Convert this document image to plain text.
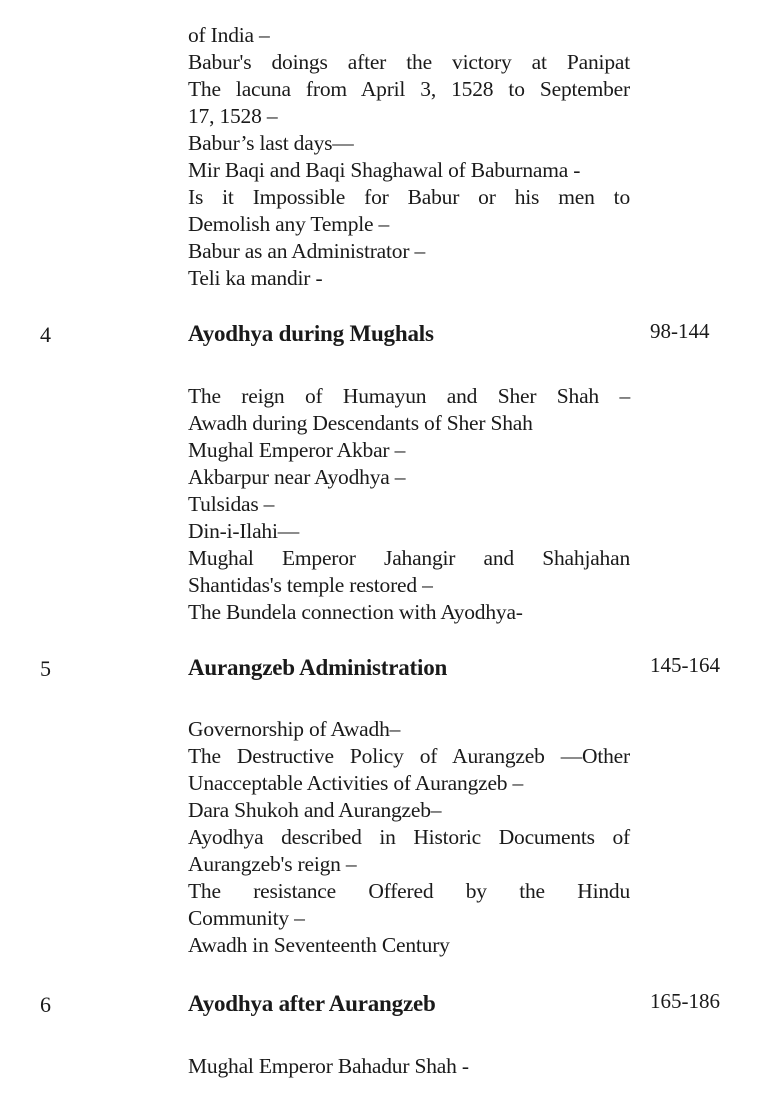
of India –
Babur's doings after the victory at Panipat
The lacuna from April 3, 1528 to September
17, 1528 –
Babur’s last days—
Mir Baqi and Baqi Shaghawal of Baburnama -
Is it Impossible for Babur or his men to
Demolish any Temple –
Babur as an Administrator –
Teli ka mandir -
4	Ayodhya during Mughals	98-144
The reign of Humayun and Sher Shah –
Awadh during Descendants of Sher Shah
Mughal Emperor Akbar –
Akbarpur near Ayodhya –
Tulsidas –
Din-i-Ilahi—
Mughal Emperor Jahangir and Shahjahan
Shantidas's temple restored –
The Bundela connection with Ayodhya-
5	Aurangzeb Administration	145-164
Governorship of Awadh–
The Destructive Policy of Aurangzeb —Other
Unacceptable Activities of Aurangzeb –
Dara Shukoh and Aurangzeb–
Ayodhya described in Historic Documents of
Aurangzeb's reign –
The resistance Offered by the Hindu
Community –
Awadh in Seventeenth Century
6	Ayodhya after Aurangzeb	165-186
Mughal Emperor Bahadur Shah -
